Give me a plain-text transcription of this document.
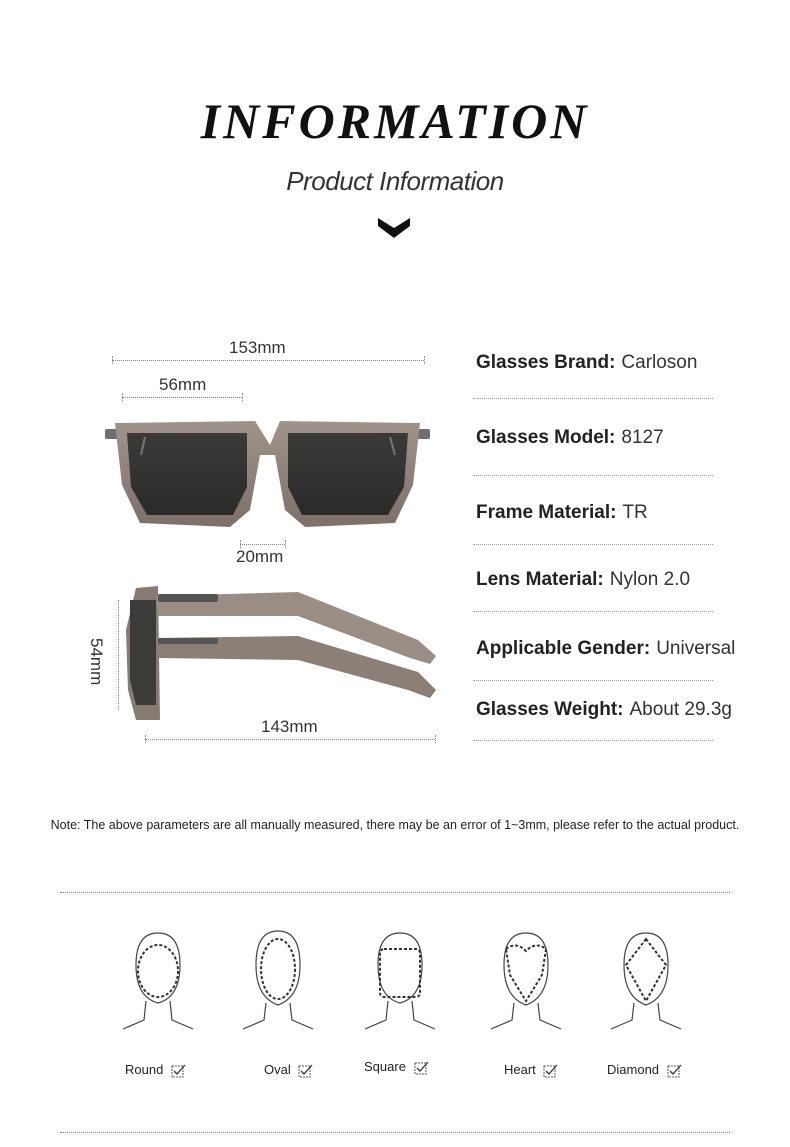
INFORMATION
Product Information
153mm
56mm
20mm
54mm
143mm
Glasses Brand: Carloson
Glasses Model: 8127
Frame Material: TR
Lens Material: Nylon 2.0
Applicable Gender: Universal
Glasses Weight: About 29.3g
Note: The above parameters are all manually measured, there may be an error of 1~3mm, please refer to the actual product.
Round	Oval	Square	Heart	Diamond
